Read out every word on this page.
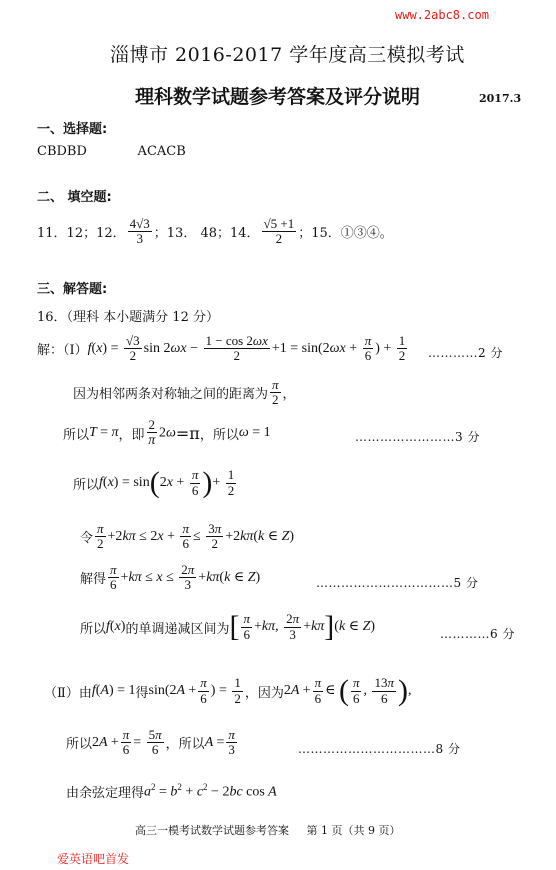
www.2abc8.com
淄博市 2016-2017 学年度高三模拟考试
理科数学试题参考答案及评分说明	2017.3
一、选择题:
CBDBD     ACACB
二、 填空题:
11．12；12． $\frac{4√3}{3}$ ；13． 48；14． $\frac{√5 +1}{2}$ ；15．①③④。
三、解答题:
16．（理科 本小题满分 12 分）
解：（Ⅰ） $f(x) = \frac{√3}{2}$ $\sin 2\omega x - \frac{1 - \cos 2\omega x}{2} +1 = \sin(2\omega x + \frac{\pi}{6}$ ) + $\frac{1}{2}$ …………2 分
因为相邻两条对称轴之间的距离为 $\frac{\pi}{2}$ ，
所以 T = π ，即
2
π2ω = π ，所以 ω = 1	……………………3 分
所以 $f(x) = \sin(2x + \frac{\pi}{6}$ )+ $\frac{1}{2}$
令 $\frac{\pi}{2} +2k\pi \le 2x + \frac{\pi}{6} \le \frac{3\pi}{2} +2k\pi(k$ ∈ Z)
解得 $\frac{\pi}{6} +k\pi \le x \le \frac{2\pi}{3} +k\pi(k$ ∈ Z)	……………………………5 分
所以 f(x) 的单调递减区间为 [ $\frac{\pi}{6} +k\pi$, $\frac{2\pi}{3} +k\pi](k$ ∈ Z)	…………6 分
（Ⅱ）由 f(A) = 1 得 $\sin(2A + \frac{\pi}{6}$ ) = $\frac{1}{2}$ ，因为 $2A + \frac{\pi}{6}$ ∈ ( $\frac{\pi}{6}$ , $\frac{13\pi}{6}$ ),
所以 $2A + \frac{\pi}{6} = \frac{5\pi}{6}$ ，所以 $A = \frac{\pi}{3}$	……………………………8 分
由余弦定理得 $a^2 = b^2 + c^2 - 2bc$ cos A
高三一模考试数学试题参考答案     第 1 页（共 9 页）
爱英语吧首发
